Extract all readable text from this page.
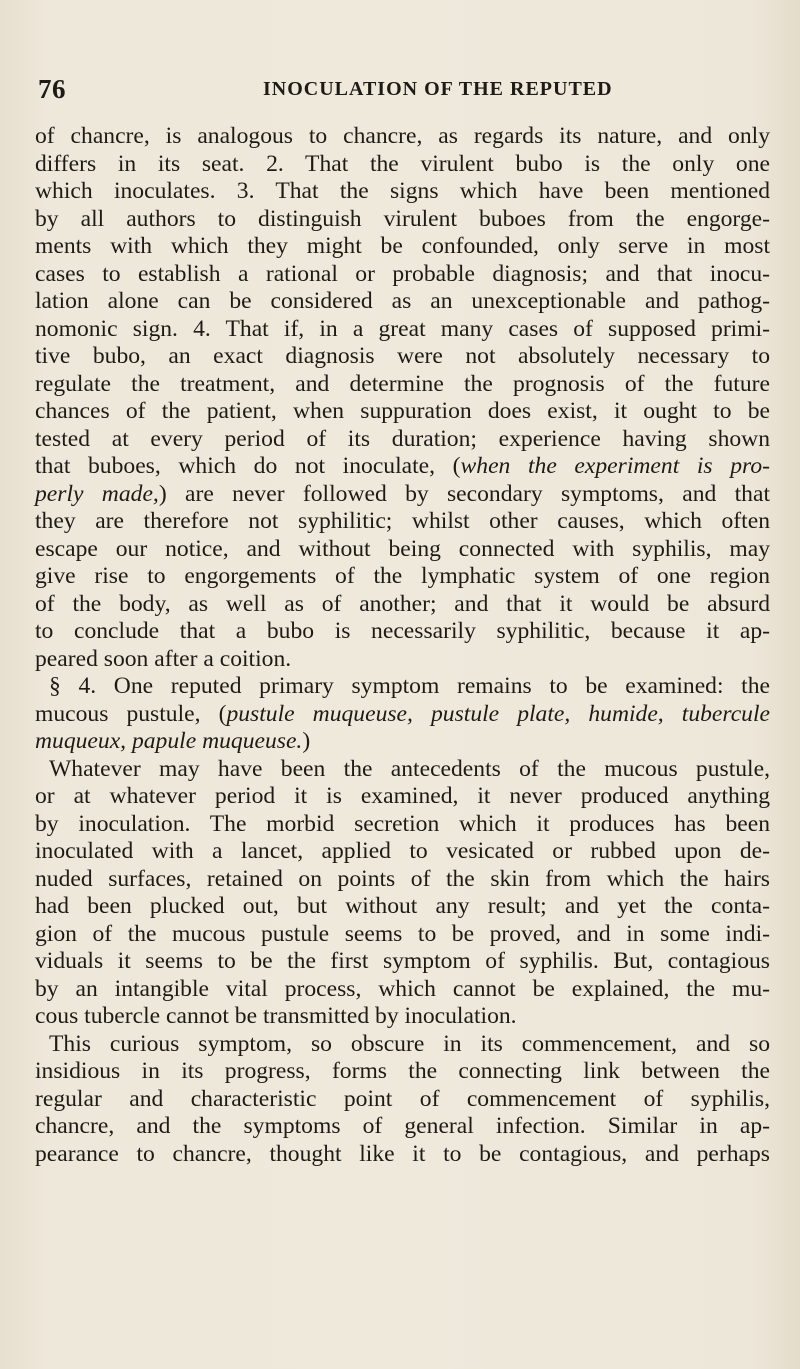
76	INOCULATION OF THE REPUTED
of chancre, is analogous to chancre, as regards its nature, and only
differs in its seat. 2. That the virulent bubo is the only one
which inoculates. 3. That the signs which have been mentioned
by all authors to distinguish virulent buboes from the engorge-
ments with which they might be confounded, only serve in most
cases to establish a rational or probable diagnosis; and that inocu-
lation alone can be considered as an unexceptionable and pathog-
nomonic sign. 4. That if, in a great many cases of supposed primi-
tive bubo, an exact diagnosis were not absolutely necessary to
regulate the treatment, and determine the prognosis of the future
chances of the patient, when suppuration does exist, it ought to be
tested at every period of its duration; experience having shown
that buboes, which do not inoculate, (when the experiment is pro-
perly made,) are never followed by secondary symptoms, and that
they are therefore not syphilitic; whilst other causes, which often
escape our notice, and without being connected with syphilis, may
give rise to engorgements of the lymphatic system of one region
of the body, as well as of another; and that it would be absurd
to conclude that a bubo is necessarily syphilitic, because it ap-
peared soon after a coition.
§ 4. One reputed primary symptom remains to be examined: the
mucous pustule, (pustule muqueuse, pustule plate, humide, tubercule
muqueux, papule muqueuse.)
Whatever may have been the antecedents of the mucous pustule,
or at whatever period it is examined, it never produced anything
by inoculation. The morbid secretion which it produces has been
inoculated with a lancet, applied to vesicated or rubbed upon de-
nuded surfaces, retained on points of the skin from which the hairs
had been plucked out, but without any result; and yet the conta-
gion of the mucous pustule seems to be proved, and in some indi-
viduals it seems to be the first symptom of syphilis. But, contagious
by an intangible vital process, which cannot be explained, the mu-
cous tubercle cannot be transmitted by inoculation.
This curious symptom, so obscure in its commencement, and so
insidious in its progress, forms the connecting link between the
regular and characteristic point of commencement of syphilis,
chancre, and the symptoms of general infection. Similar in ap-
pearance to chancre, thought like it to be contagious, and perhaps
